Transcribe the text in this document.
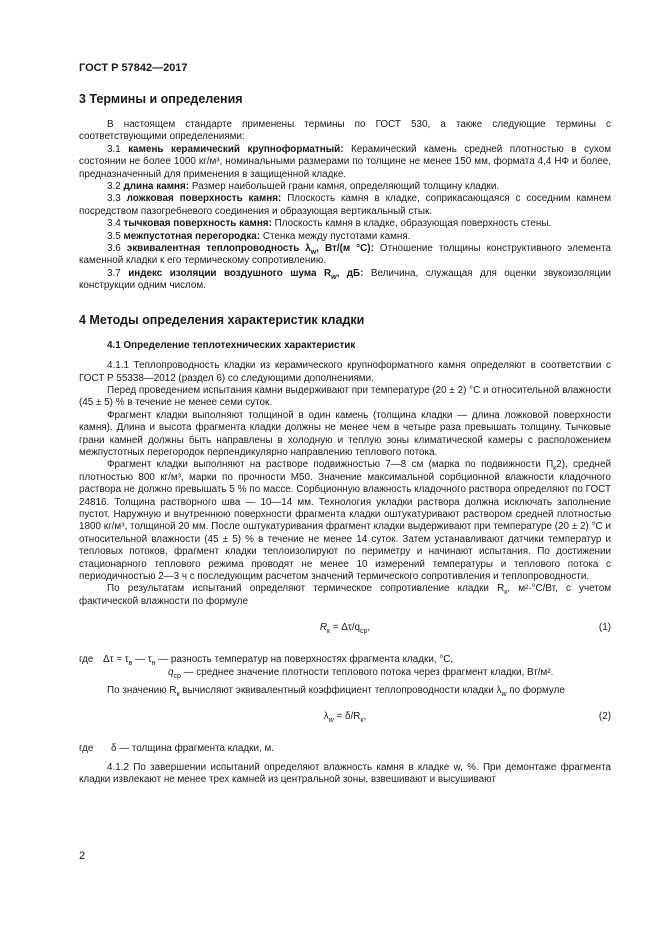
ГОСТ Р 57842—2017
3 Термины и определения

В настоящем стандарте применены термины по ГОСТ 530, а также следующие термины с соответствующими определениями:

3.1 камень керамический крупноформатный: Керамический камень средней плотностью в сухом состоянии не более 1000 кг/м³, номинальными размерами по толщине не менее 150 мм, формата 4,4 НФ и более, предназначенный для применения в защищенной кладке.

3.2 длина камня: Размер наибольшей грани камня, определяющий толщину кладки.

3.3 ложковая поверхность камня: Плоскость камня в кладке, соприкасающаяся с соседним камнем посредством пазогребневого соединения и образующая вертикальный стык.

3.4 тычковая поверхность камня: Плоскость камня в кладке, образующая поверхность стены.

3.5 межпустотная перегородка: Стенка между пустотами камня.

3.6 эквивалентная теплопроводность $\lambda_w$, Вт/(м °С): Отношение толщины конструктивного элемента каменной кладки к его термическому сопротивлению.

3.7 индекс изоляции воздушного шума $R_w$, дБ: Величина, служащая для оценки звукоизоляции конструкции одним числом.

4 Методы определения характеристик кладки
4.1 Определение теплотехнических характеристик

4.1.1 Теплопроводность кладки из керамического крупноформатного камня определяют в соответствии с ГОСТ Р 55338—2012 (раздел 6) со следующими дополнениями.

Перед проведением испытания камни выдерживают при температуре (20 ± 2) °С и относительной влажности (45 ± 5) % в течение не менее семи суток.

Фрагмент кладки выполняют толщиной в один камень (толщина кладки — длина ложковой поверхности камня). Длина и высота фрагмента кладки должны не менее чем в четыре раза превышать толщину. Тычковые грани камней должны быть направлены в холодную и теплую зоны климатической камеры с расположением межпустотных перегородок перпендикулярно направлению теплового потока.

Фрагмент кладки выполняют на растворе подвижностью 7—8 см (марка по подвижности $П_к2$), средней плотностью 800 кг/м³, марки по прочности М50. Значение максимальной сорбционной влажности кладочного раствора не должно превышать 5 % по массе. Сорбционную влажность кладочного раствора определяют по ГОСТ 24816. Толщина растворного шва — 10—14 мм. Технология укладки раствора должна исключать заполнение пустот. Наружную и внутреннюю поверхности фрагмента кладки оштукатуривают раствором средней плотностью 1800 кг/м³, толщиной 20 мм. После оштукатуривания фрагмент кладки выдерживают при температуре (20 ± 2) °С и относительной влажности (45 ± 5) % в течение не менее 14 суток. Затем устанавливают датчики температур и тепловых потоков, фрагмент кладки теплоизолируют по периметру и начинают испытания. По достижении стационарного теплового режима проводят не менее 10 измерений температуры и теплового потока с периодичностью 2—3 ч с последующим расчетом значений термического сопротивления и теплопроводности.

По результатам испытаний определяют термическое сопротивление кладки $R_к$, м²·°С/Вт, с учетом фактической влажности по формуле

$R_к = \Delta\tau/q_{ср}$,	(1)

где $\Delta\tau = \tau_в$ — $\tau_н$ — разность температур на поверхностях фрагмента кладки, °С,

$q_{ср}$ — среднее значение плотности теплового потока через фрагмент кладки, Вт/м².

По значению $R_к$ вычисляют эквивалентный коэффициент теплопроводности кладки $\lambda_w$ по формуле

$\lambda_w = \delta/R_к$,	(2)

где δ — толщина фрагмента кладки, м.

4.1.2 По завершении испытаний определяют влажность камня в кладке w, %. При демонтаже фрагмента кладки извлекают не менее трех камней из центральной зоны, взвешивают и высушивают

2
